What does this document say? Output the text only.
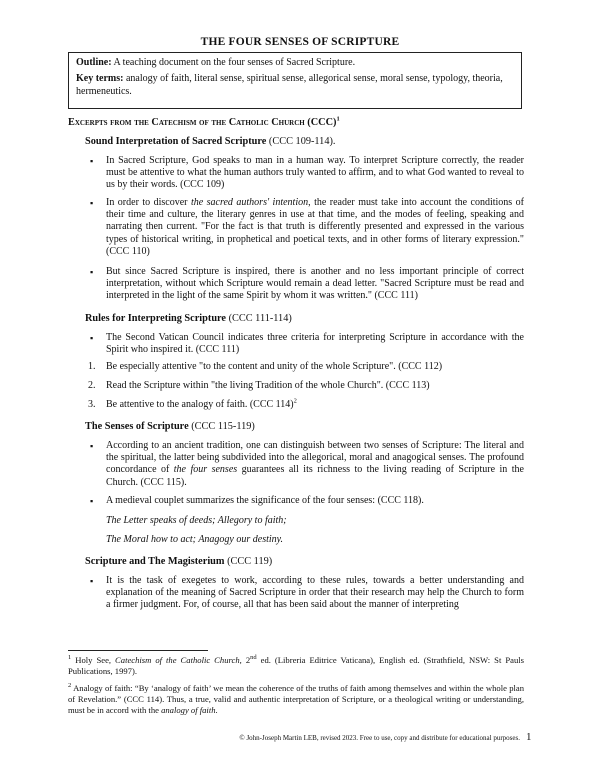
THE FOUR SENSES OF SCRIPTURE

Outline: A teaching document on the four senses of Sacred Scripture.

Key terms: analogy of faith, literal sense, spiritual sense, allegorical sense, moral sense, typology, theoria, hermeneutics.

Excerpts from the Catechism of the Catholic Church (CCC)$^1$
Sound Interpretation of Sacred Scripture (CCC 109-114).
▪ In Sacred Scripture, God speaks to man in a human way. To interpret Scripture correctly, the reader must be attentive to what the human authors truly wanted to affirm, and to what God wanted to reveal to us by their words. (CCC 109)
▪ In order to discover the sacred authors' intention, the reader must take into account the conditions of their time and culture, the literary genres in use at that time, and the modes of feeling, speaking and narrating then current. "For the fact is that truth is differently presented and expressed in the various types of historical writing, in prophetical and poetical texts, and in other forms of literary expression." (CCC 110)
▪ But since Sacred Scripture is inspired, there is another and no less important principle of correct interpretation, without which Scripture would remain a dead letter. "Sacred Scripture must be read and interpreted in the light of the same Spirit by whom it was written." (CCC 111)
Rules for Interpreting Scripture (CCC 111-114)
▪ The Second Vatican Council indicates three criteria for interpreting Scripture in accordance with the Spirit who inspired it. (CCC 111)
1. Be especially attentive "to the content and unity of the whole Scripture". (CCC 112)
2. Read the Scripture within "the living Tradition of the whole Church". (CCC 113)
3. Be attentive to the analogy of faith. (CCC 114)$^2$
The Senses of Scripture (CCC 115-119)
▪ According to an ancient tradition, one can distinguish between two senses of Scripture: The literal and the spiritual, the latter being subdivided into the allegorical, moral and anagogical senses. The profound concordance of the four senses guarantees all its richness to the living reading of Scripture in the Church. (CCC 115).
▪ A medieval couplet summarizes the significance of the four senses: (CCC 118).
The Letter speaks of deeds; Allegory to faith;
The Moral how to act; Anagogy our destiny.
Scripture and The Magisterium (CCC 119)
▪ It is the task of exegetes to work, according to these rules, towards a better understanding and explanation of the meaning of Sacred Scripture in order that their research may help the Church to form a firmer judgment. For, of course, all that has been said about the manner of interpreting
$^1$ Holy See, Catechism of the Catholic Church, 2nd ed. (Libreria Editrice Vaticana), English ed. (Strathfield, NSW: St Pauls Publications, 1997).
$^2$ Analogy of faith: “By ‘analogy of faith’ we mean the coherence of the truths of faith among themselves and within the whole plan of Revelation.” (CCC 114). Thus, a true, valid and authentic interpretation of Scripture, or a theological writing or understanding, must be in accord with the analogy of faith.
© John-Joseph Martin LEB, revised 2023. Free to use, copy and distribute for educational purposes. 1
